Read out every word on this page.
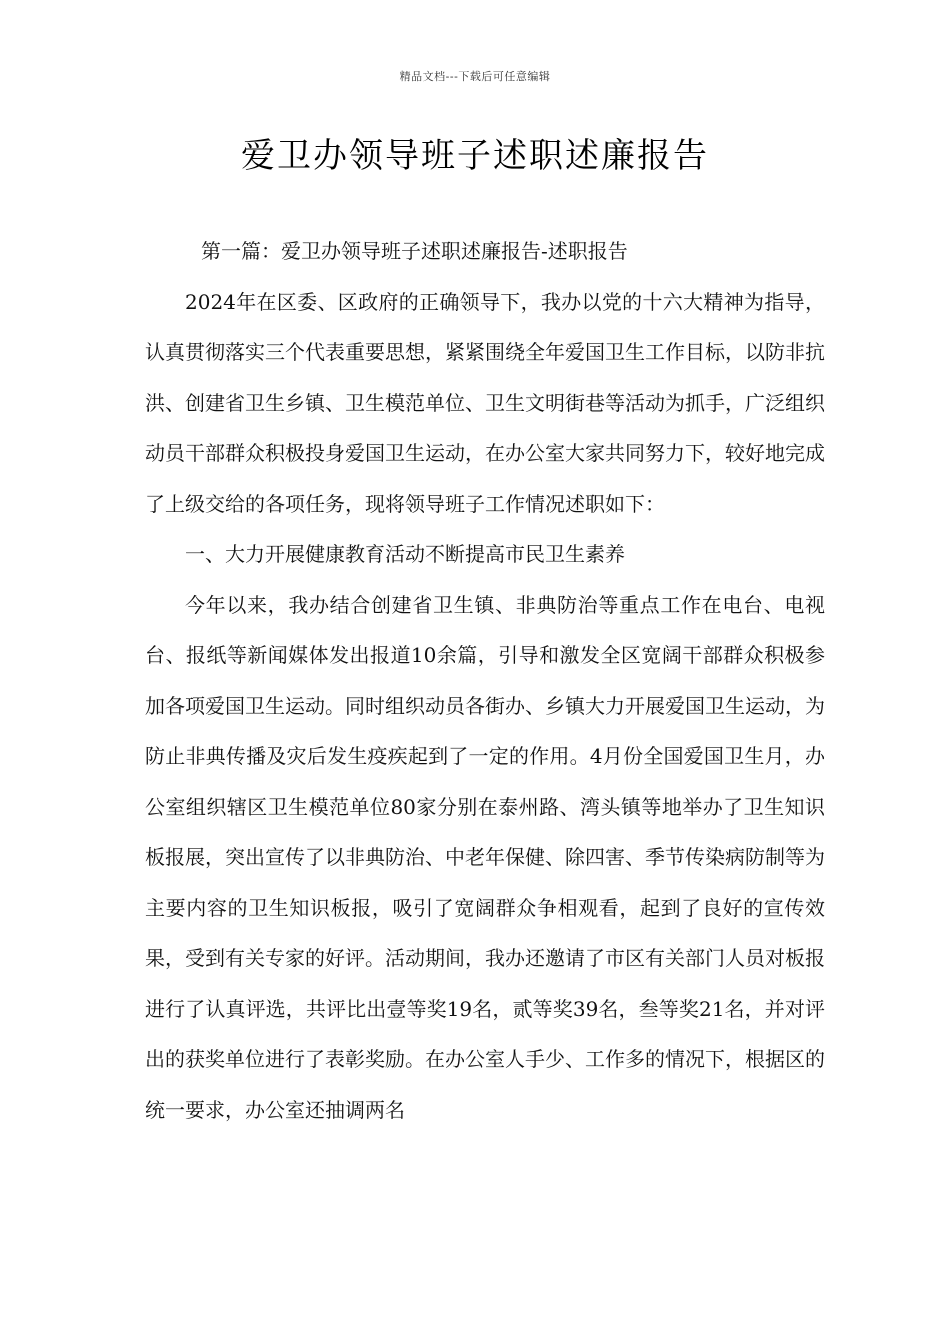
精品文档---下载后可任意编辑
爱卫办领导班子述职述廉报告

第一篇：爱卫办领导班子述职述廉报告-述职报告

2024年在区委、区政府的正确领导下，我办以党的十六大精神为指导，认真贯彻落实三个代表重要思想，紧紧围绕全年爱国卫生工作目标，以防非抗洪、创建省卫生乡镇、卫生模范单位、卫生文明街巷等活动为抓手，广泛组织动员干部群众积极投身爱国卫生运动，在办公室大家共同努力下，较好地完成了上级交给的各项任务，现将领导班子工作情况述职如下：

一、大力开展健康教育活动不断提高市民卫生素养

今年以来，我办结合创建省卫生镇、非典防治等重点工作在电台、电视台、报纸等新闻媒体发出报道10余篇，引导和激发全区宽阔干部群众积极参加各项爱国卫生运动。同时组织动员各街办、乡镇大力开展爱国卫生运动，为防止非典传播及灾后发生疫疾起到了一定的作用。4月份全国爱国卫生月，办公室组织辖区卫生模范单位80家分别在泰州路、湾头镇等地举办了卫生知识板报展，突出宣传了以非典防治、中老年保健、除四害、季节传染病防制等为主要内容的卫生知识板报，吸引了宽阔群众争相观看，起到了良好的宣传效果，受到有关专家的好评。活动期间，我办还邀请了市区有关部门人员对板报进行了认真评选，共评比出壹等奖19名，贰等奖39名，叁等奖21名，并对评出的获奖单位进行了表彰奖励。在办公室人手少、工作多的情况下，根据区的统一要求，办公室还抽调两名
